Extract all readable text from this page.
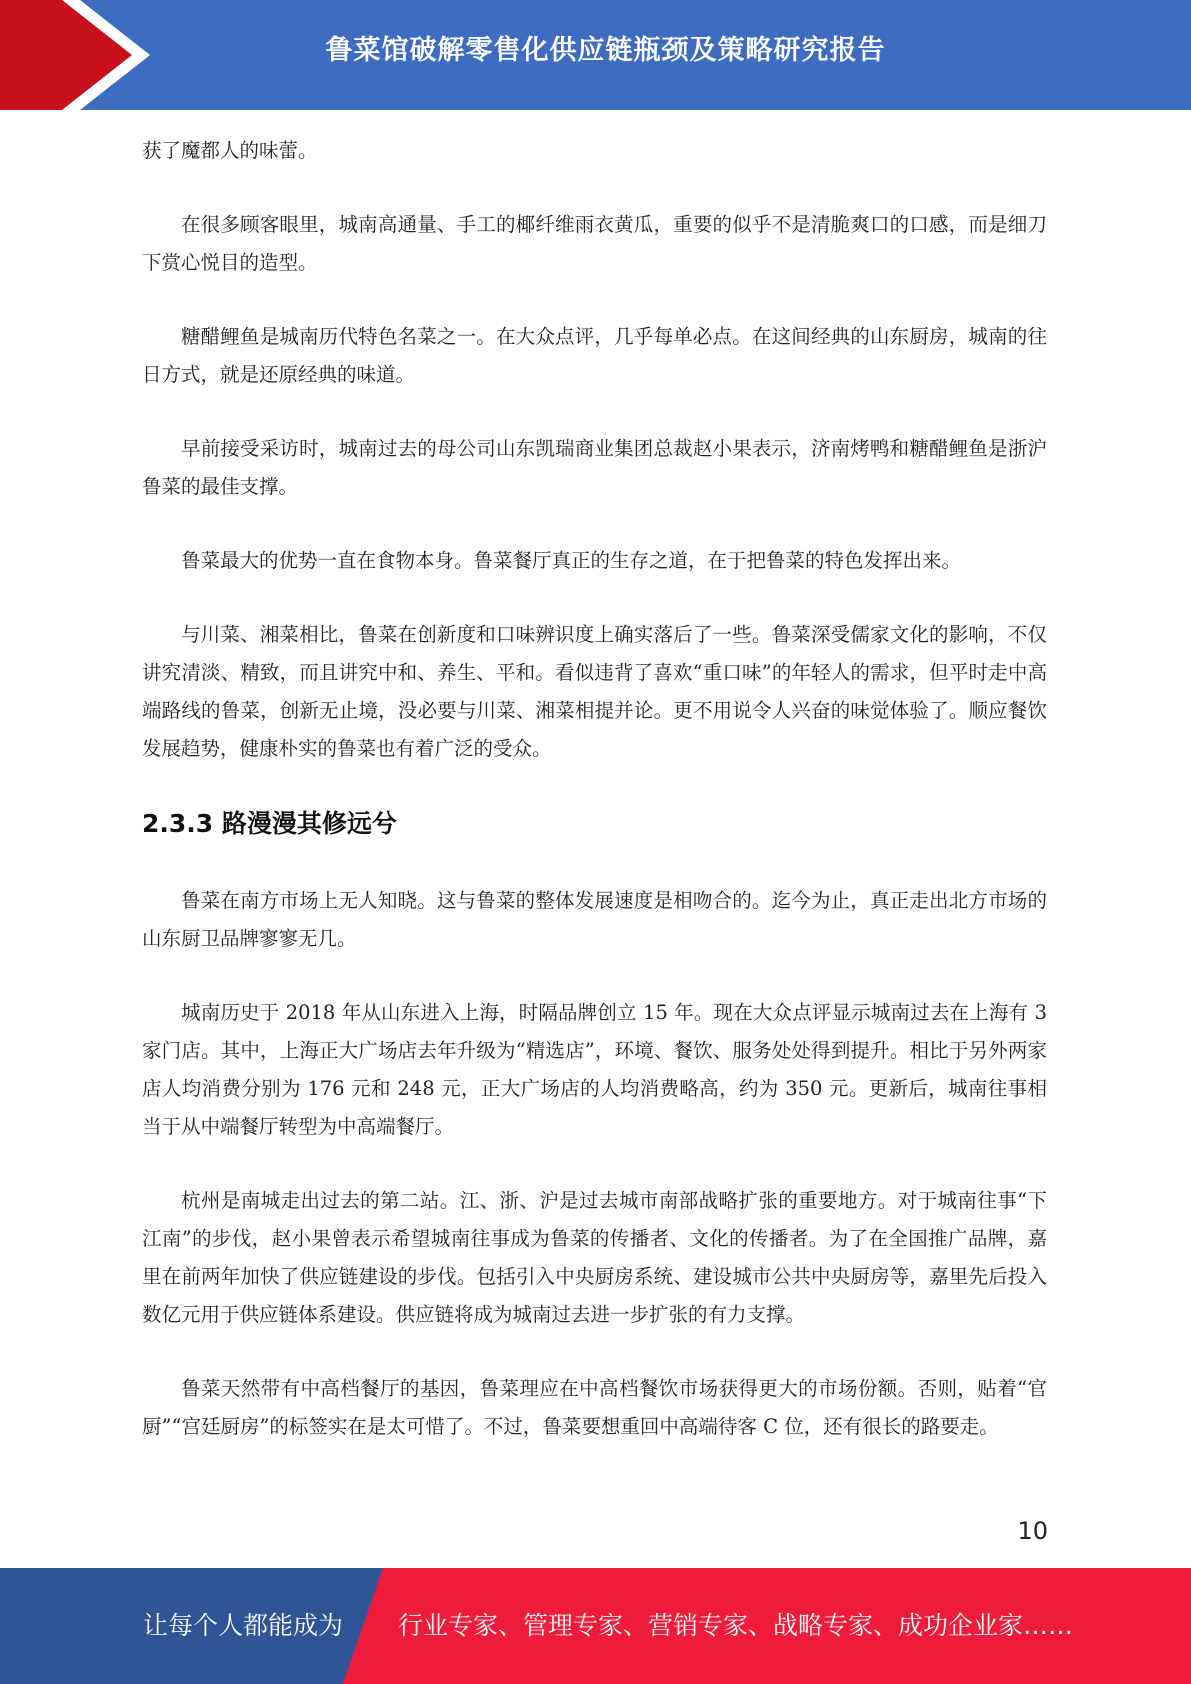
鲁菜馆破解零售化供应链瓶颈及策略研究报告

获了魔都人的味蕾。

在很多顾客眼里，城南高通量、手工的椰纤维雨衣黄瓜，重要的似乎不是清脆爽口的口感，而是细刀下赏心悦目的造型。

糖醋鲤鱼是城南历代特色名菜之一。在大众点评，几乎每单必点。在这间经典的山东厨房，城南的往日方式，就是还原经典的味道。

早前接受采访时，城南过去的母公司山东凯瑞商业集团总裁赵小果表示，济南烤鸭和糖醋鲤鱼是浙沪鲁菜的最佳支撑。

鲁菜最大的优势一直在食物本身。鲁菜餐厅真正的生存之道，在于把鲁菜的特色发挥出来。

与川菜、湘菜相比，鲁菜在创新度和口味辨识度上确实落后了一些。鲁菜深受儒家文化的影响，不仅讲究清淡、精致，而且讲究中和、养生、平和。看似违背了喜欢“重口味”的年轻人的需求，但平时走中高端路线的鲁菜，创新无止境，没必要与川菜、湘菜相提并论。更不用说令人兴奋的味觉体验了。顺应餐饮发展趋势，健康朴实的鲁菜也有着广泛的受众。

2.3.3 路漫漫其修远兮

鲁菜在南方市场上无人知晓。这与鲁菜的整体发展速度是相吻合的。迄今为止，真正走出北方市场的山东厨卫品牌寥寥无几。

城南历史于 2018 年从山东进入上海，时隔品牌创立 15 年。现在大众点评显示城南过去在上海有 3 家门店。其中，上海正大广场店去年升级为“精选店”，环境、餐饮、服务处处得到提升。相比于另外两家店人均消费分别为 176 元和 248 元，正大广场店的人均消费略高，约为 350 元。更新后，城南往事相当于从中端餐厅转型为中高端餐厅。

杭州是南城走出过去的第二站。江、浙、沪是过去城市南部战略扩张的重要地方。对于城南往事“下江南”的步伐，赵小果曾表示希望城南往事成为鲁菜的传播者、文化的传播者。为了在全国推广品牌，嘉里在前两年加快了供应链建设的步伐。包括引入中央厨房系统、建设城市公共中央厨房等，嘉里先后投入数亿元用于供应链体系建设。供应链将成为城南过去进一步扩张的有力支撑。

鲁菜天然带有中高档餐厅的基因，鲁菜理应在中高档餐饮市场获得更大的市场份额。否则，贴着“官厨”“宫廷厨房”的标签实在是太可惜了。不过，鲁菜要想重回中高端待客 C 位，还有很长的路要走。

10
让每个人都能成为 行业专家、管理专家、营销专家、战略专家、成功企业家……
